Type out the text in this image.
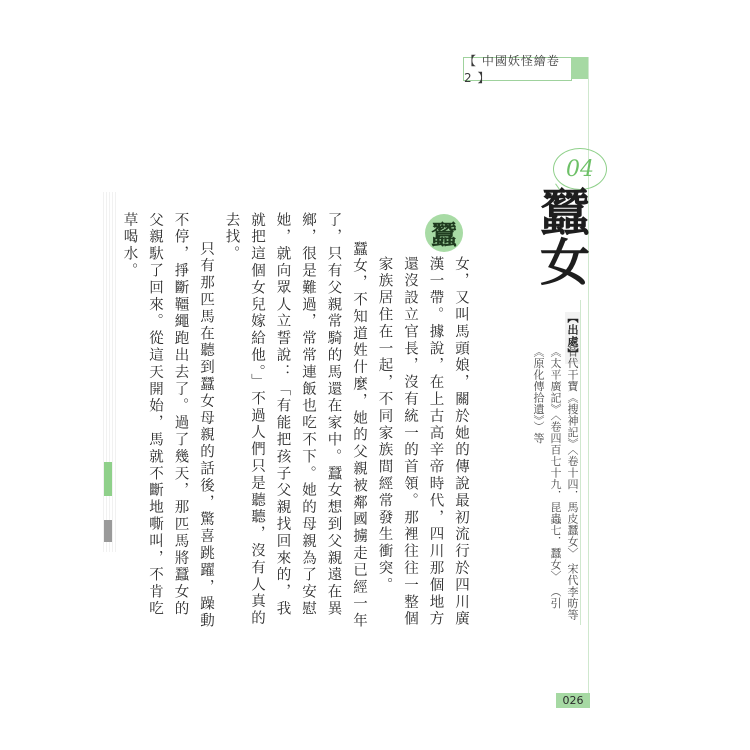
【 中國妖怪繪卷 2 】
04
蠶女
【出處】
晉代干寶《搜神記》〈卷十四．馬皮蠶女〉 宋代李昉等《太平廣記》〈卷四百七十九．昆蟲七．蠶女〉 （引《原化傳拾遺》）等
蠶

女，又叫馬頭娘，關於她的傳說最初流行於四川廣漢一帶。據說，在上古高辛帝時代，四川那個地方還沒設立官長，沒有統一的首領。那裡往往一整個家族居住在一起，不同家族間經常發生衝突。

蠶女，不知道姓什麼，她的父親被鄰國擄走已經一年了，只有父親常騎的馬還在家中。蠶女想到父親遠在異鄉，很是難過，常常連飯也吃不下。她的母親為了安慰她，就向眾人立誓說：「有能把孩子父親找回來的，我就把這個女兒嫁給他。」不過人們只是聽聽，沒有人真的去找。

只有那匹馬在聽到蠶女母親的話後，驚喜跳躍，躁動不停，掙斷韁繩跑出去了。過了幾天，那匹馬將蠶女的父親馱了回來。從這天開始，馬就不斷地嘶叫，不肯吃草喝水。

026
